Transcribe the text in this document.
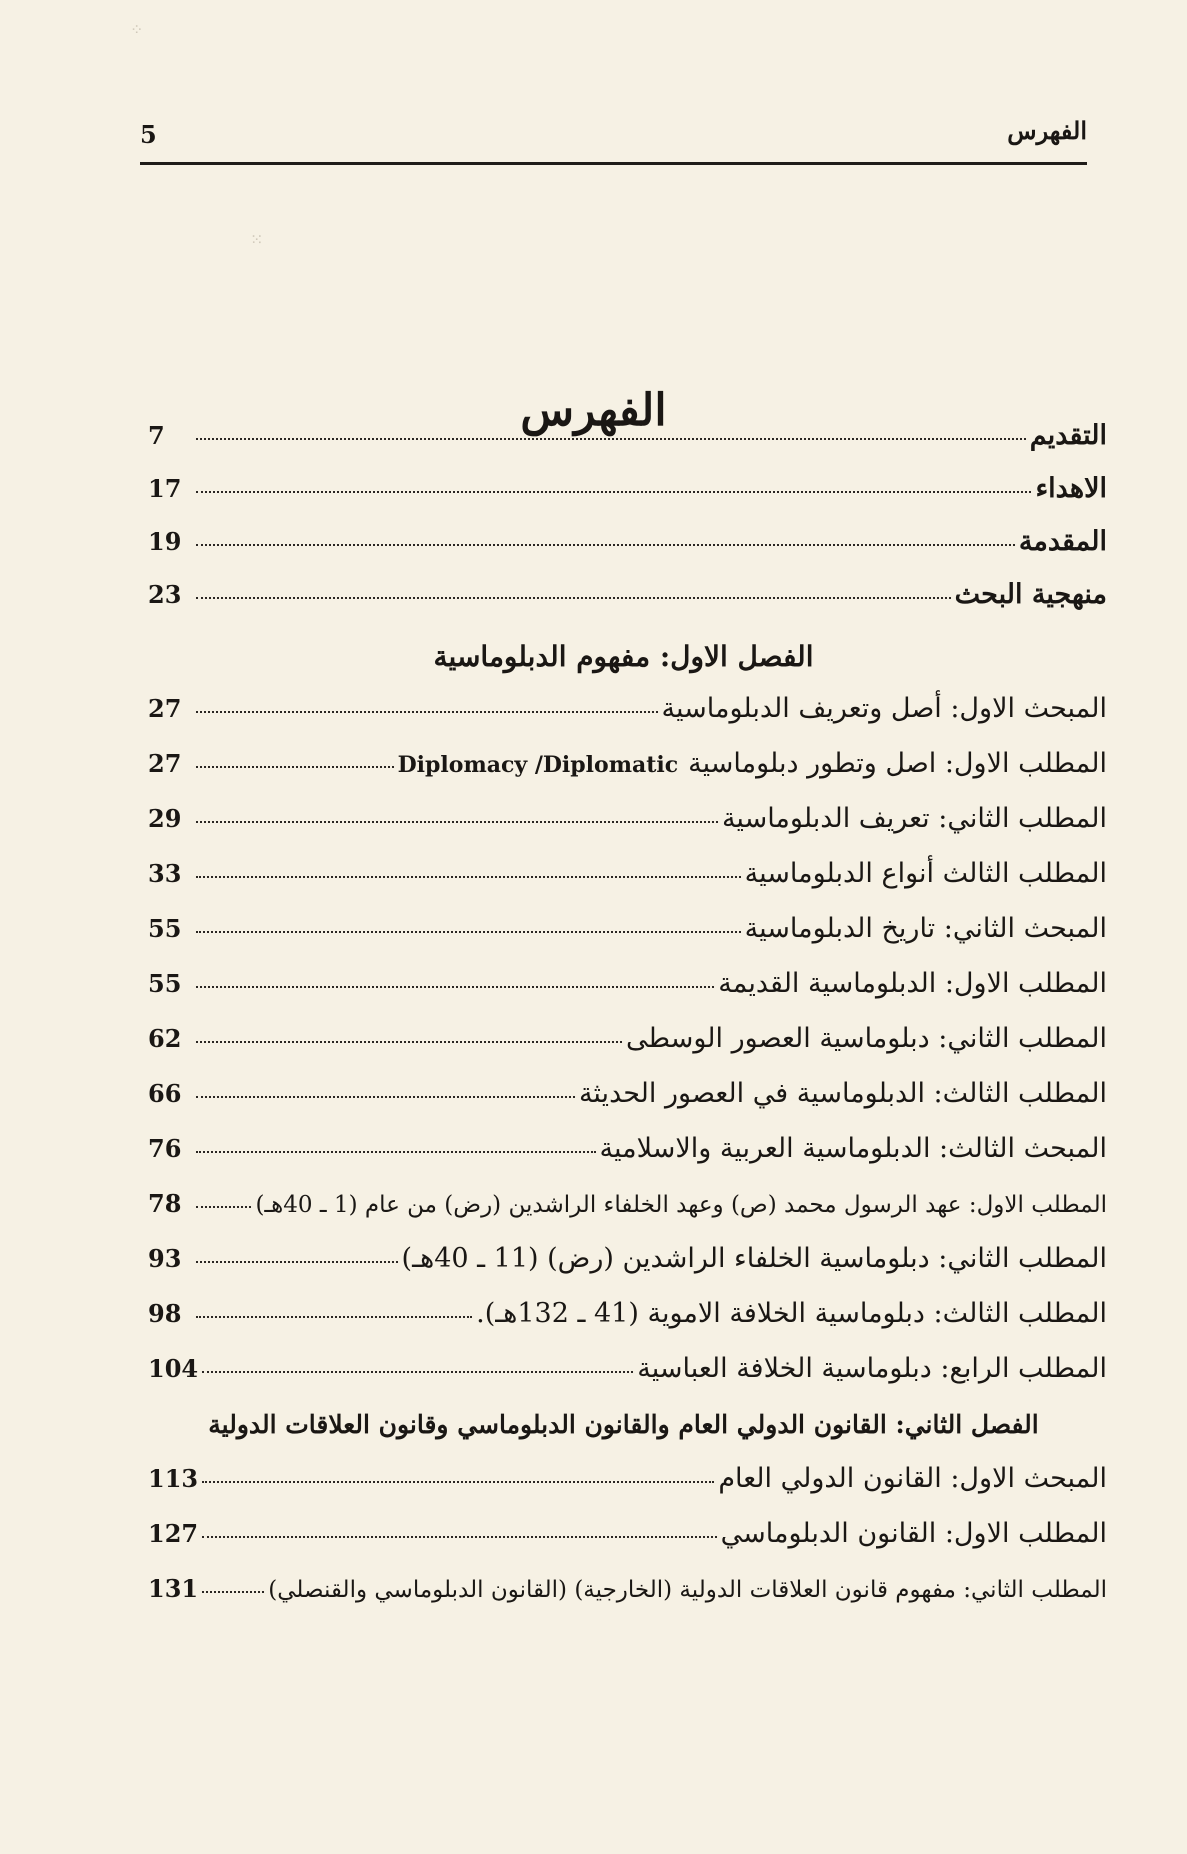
⁘
⁙
5	الفهرس
الفهرس	التقديم
7
الاهداء
17
المقدمة
19
منهجية البحث
23
الفصل الاول: مفهوم الدبلوماسية
المبحث الاول: أصل وتعريف الدبلوماسية
27
المطلب الاول: اصل وتطور دبلوماسية
Diplomacy /Diplomatic
27
المطلب الثاني: تعريف الدبلوماسية
29
المطلب الثالث أنواع الدبلوماسية
33
المبحث الثاني: تاريخ الدبلوماسية
55
المطلب الاول: الدبلوماسية القديمة
55
المطلب الثاني: دبلوماسية العصور الوسطى
62
المطلب الثالث: الدبلوماسية في العصور الحديثة
66
المبحث الثالث: الدبلوماسية العربية والاسلامية
76
المطلب الاول: عهد الرسول محمد (ص) وعهد الخلفاء الراشدين (رض) من عام (1 ـ 40هـ)
78
المطلب الثاني: دبلوماسية الخلفاء الراشدين (رض) (11 ـ 40هـ)
93
المطلب الثالث: دبلوماسية الخلافة الاموية (41 ـ 132هـ).
98
المطلب الرابع: دبلوماسية الخلافة العباسية
104
الفصل الثاني: القانون الدولي العام والقانون الدبلوماسي وقانون العلاقات الدولية
المبحث الاول: القانون الدولي العام
113
المطلب الاول: القانون الدبلوماسي
127
المطلب الثاني: مفهوم قانون العلاقات الدولية (الخارجية) (القانون الدبلوماسي والقنصلي)
131
